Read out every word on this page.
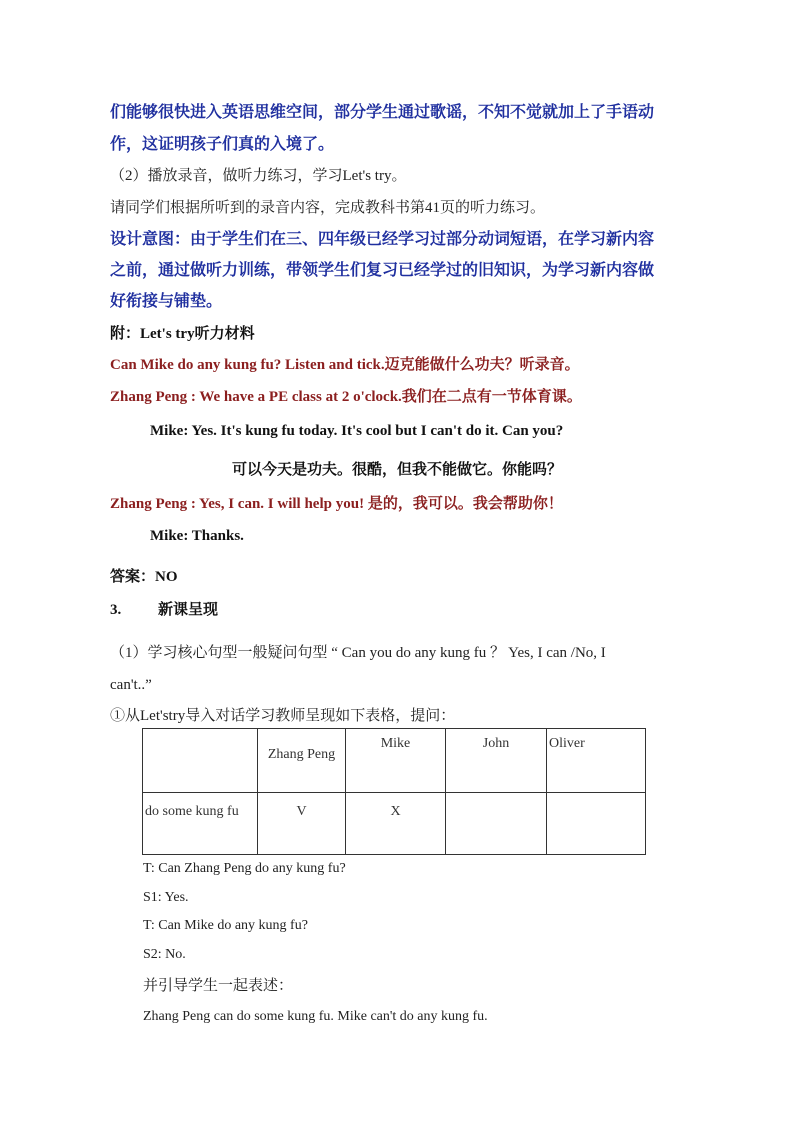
们能够很快进入英语思维空间，部分学生通过歌谣，不知不觉就加上了手语动
作，这证明孩子们真的入境了。
（2）播放录音，做听力练习，学习Let's try。
请同学们根据所听到的录音内容，完成教科书第41页的听力练习。
设计意图：由于学生们在三、四年级已经学习过部分动词短语，在学习新内容
之前，通过做听力训练，带领学生们复习已经学过的旧知识，为学习新内容做
好衔接与铺垫。
附：Let's try听力材料
Can Mike do any kung fu? Listen and tick.迈克能做什么功夫？听录音。
Zhang Peng : We have a PE class at 2 o'clock.我们在二点有一节体育课。
Mike: Yes. It's kung fu today. It's cool but I can't do it. Can you?
可以今天是功夫。很酷，但我不能做它。你能吗？
Zhang Peng : Yes, I can. I will help you! 是的，我可以。我会帮助你！
Mike: Thanks.
答案：NO
3. 新课呈现
（1）学习核心句型一般疑问句型 “ Can you do any kung fu ？ Yes, I can /No, I
can't..”
①从Let'stry导入对话学习教师呈现如下表格，提问：

	Zhang Peng	Mike	John	Oliver

do some kung fu	V	X		

T: Can Zhang Peng do any kung fu?
S1: Yes.
T: Can Mike do any kung fu?
S2: No.
并引导学生一起表述：
Zhang Peng can do some kung fu. Mike can't do any kung fu.
